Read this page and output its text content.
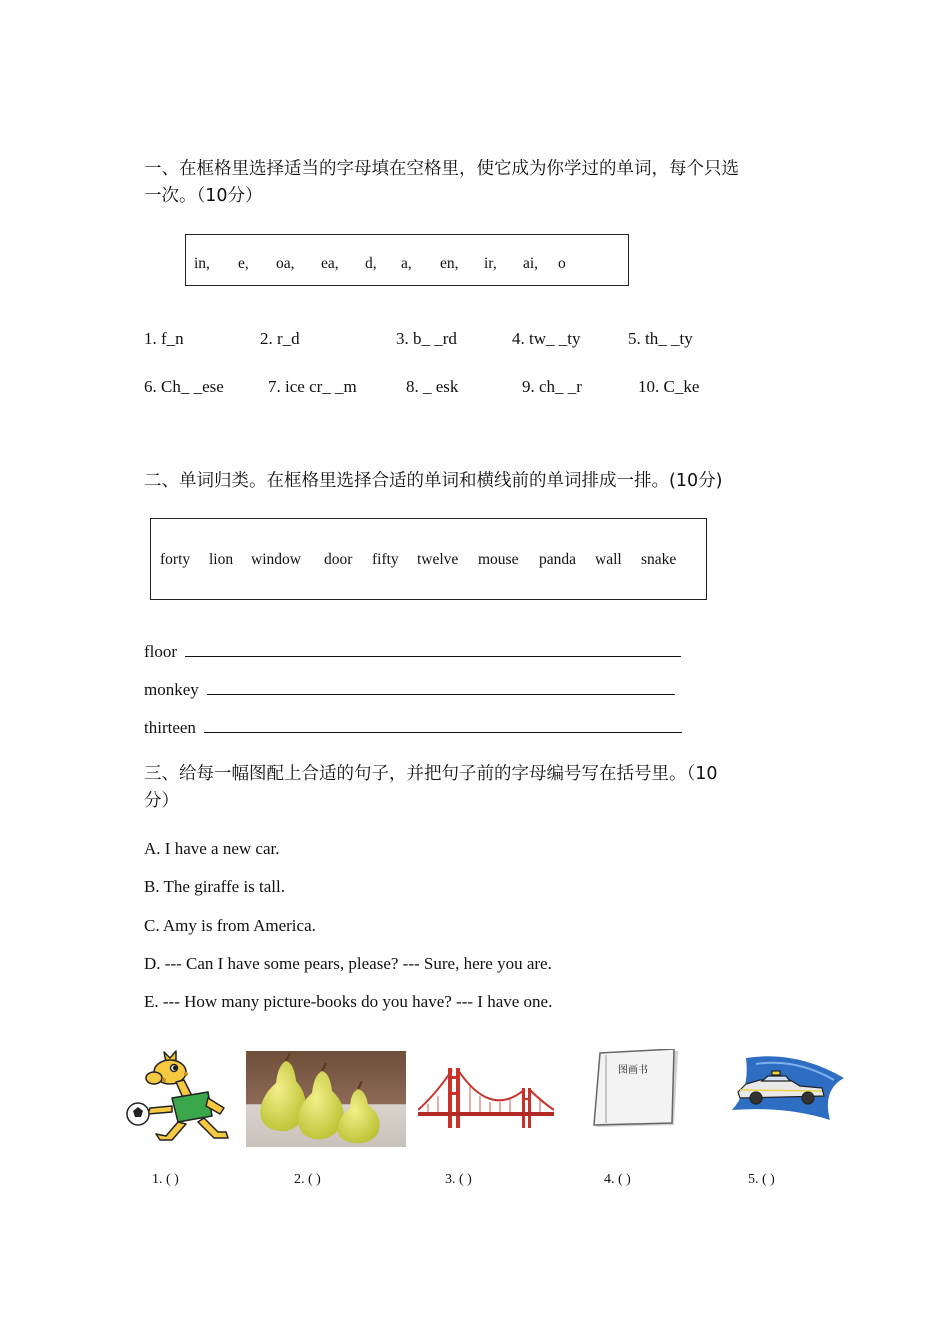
一、在框格里选择适当的字母填在空格里，使它成为你学过的单词，每个只选
一次。（10分）
in, e, oa, ea, d, a, en, ir, ai, o
1. f_n	2. r_d	3. b_ _rd	4. tw_ _ty	5. th_ _ty
6. Ch_ _ese	7. ice cr_ _m	8. _ esk	9. ch_ _r	10. C_ke
二、单词归类。在框格里选择合适的单词和横线前的单词排成一排。(10分)
forty lion window door fifty twelve mouse panda wall snake
floor
monkey
thirteen
三、给每一幅图配上合适的句子，并把句子前的字母编号写在括号里。（10
分）
A. I have a new car.
B. The giraffe is tall.
C. Amy is from America.
D. --- Can I have some pears, please? --- Sure, here you are.
E. --- How many picture-books do you have? --- I have one.
图画书
1. ( )	2. ( )	3. ( )	4. ( )	5. ( )
